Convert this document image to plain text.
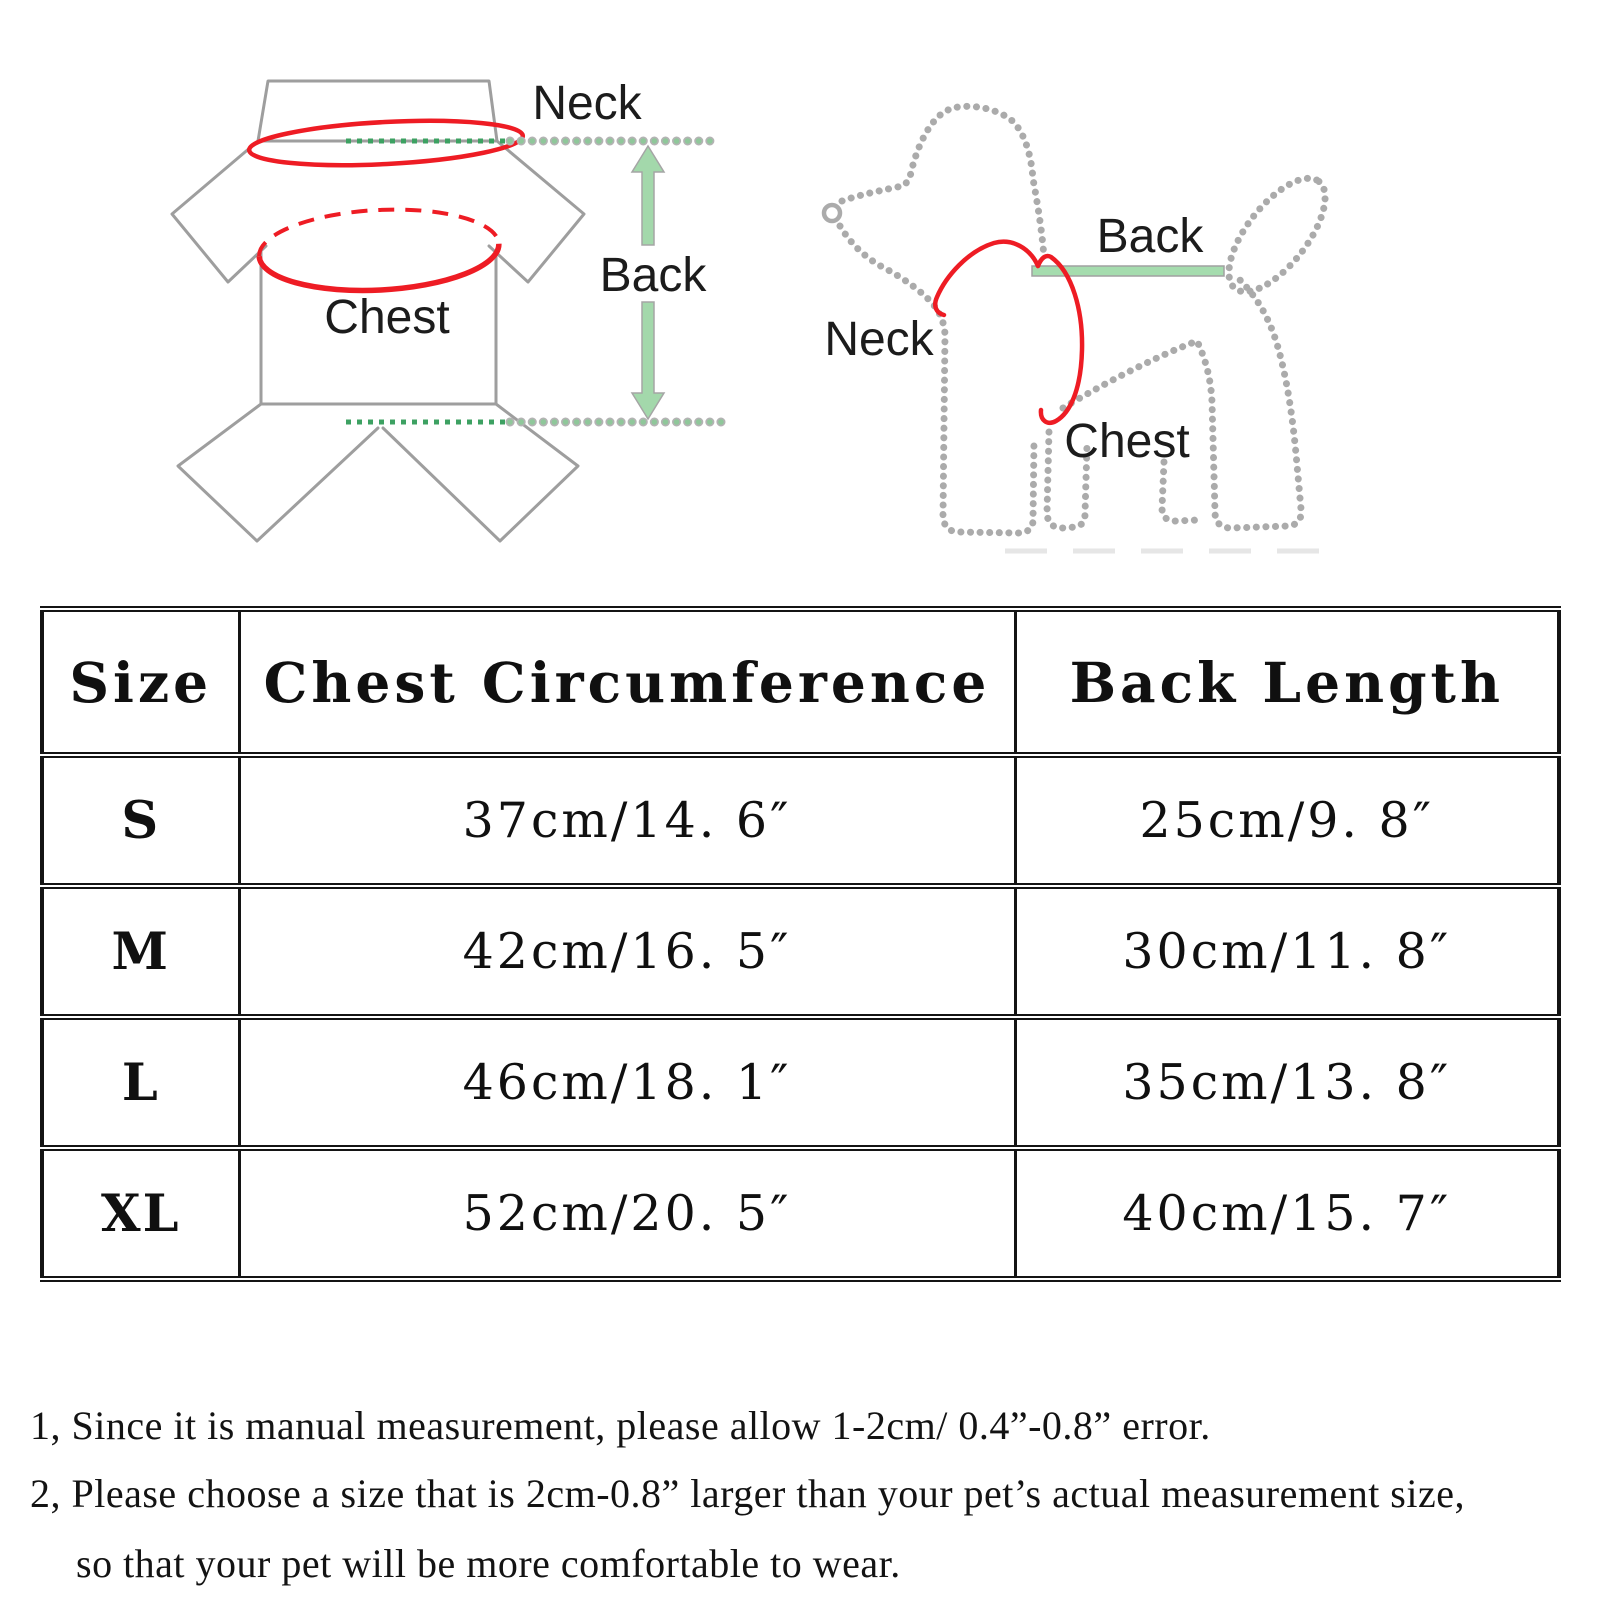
Neck
Back
Chest
Back
Neck
Chest
Size	Chest Circumference	Back Length
S	37cm/14. 6″	25cm/9. 8″
M	42cm/16. 5″	30cm/11. 8″
L	46cm/18. 1″	35cm/13. 8″
XL	52cm/20. 5″	40cm/15. 7″

1, Since it is manual measurement, please allow 1-2cm/ 0.4”-0.8” error.

2, Please choose a size that is 2cm-0.8” larger than your pet’s actual measurement size,

so that your pet will be more comfortable to wear.
